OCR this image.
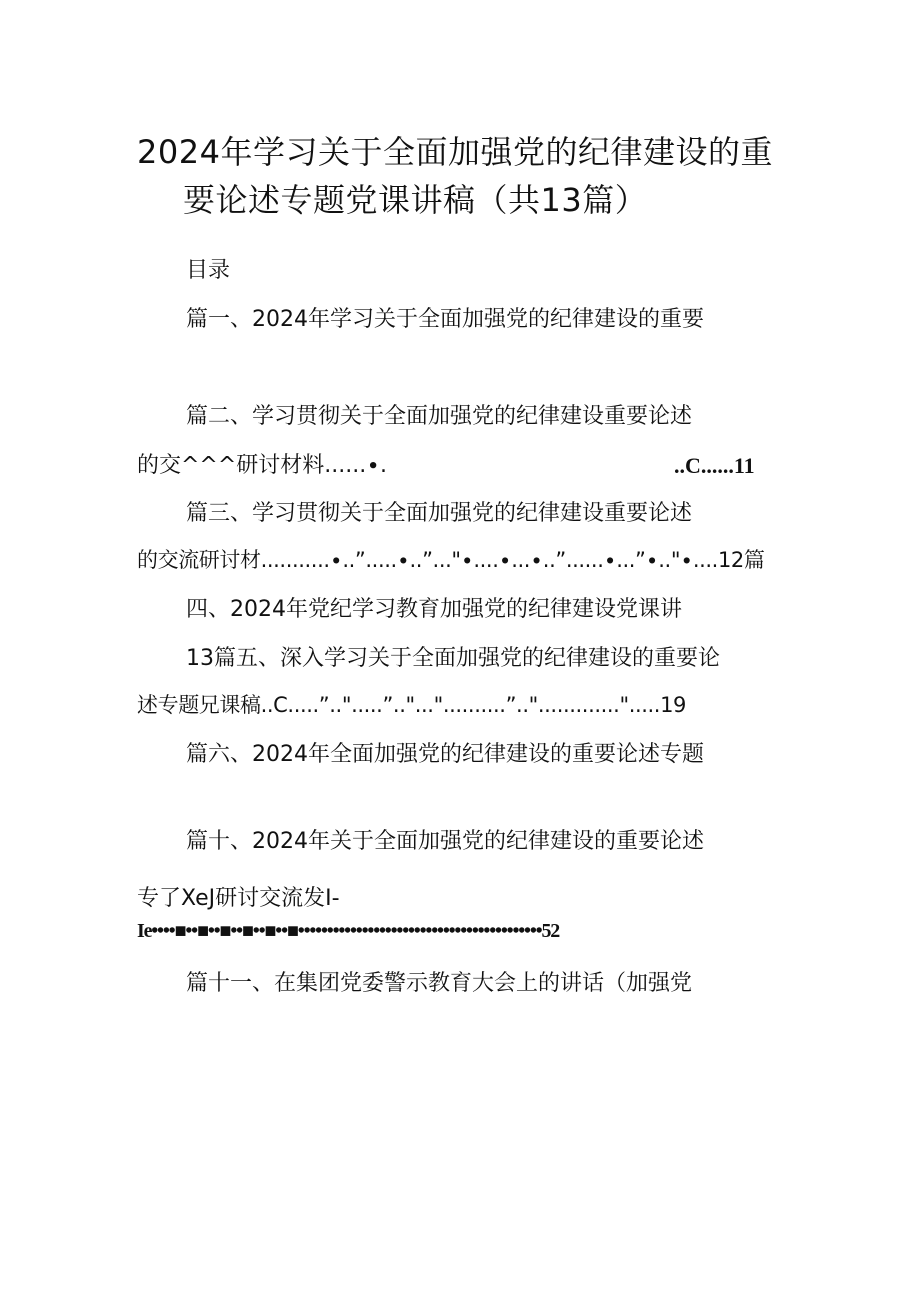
2024年学习关于全面加强党的纪律建设的重
要论述专题党课讲稿（共13篇）
目录
篇一、2024年学习关于全面加强党的纪律建设的重要
篇二、学习贯彻关于全面加强党的纪律建设重要论述
的交^^^研讨材料......∙.	..C......11
篇三、学习贯彻关于全面加强党的纪律建设重要论述
的交流研讨材...........∙..”.....∙..”..."∙....∙...∙..”......∙...”∙.."∙....12篇
四、2024年党纪学习教育加强党的纪律建设党课讲
13篇五、深入学习关于全面加强党的纪律建设的重要论
述专题兄课稿..C.....”..".....”.."..."..........”..".............".....19
篇六、2024年全面加强党的纪律建设的重要论述专题
篇十、2024年关于全面加强党的纪律建设的重要论述
专了XeJ研讨交流发I-
Ie••••■••■••■••■••■••■••••••••••••••••••••••••••••••••••••••••••52
篇十一、在集团党委警示教育大会上的讲话（加强党
